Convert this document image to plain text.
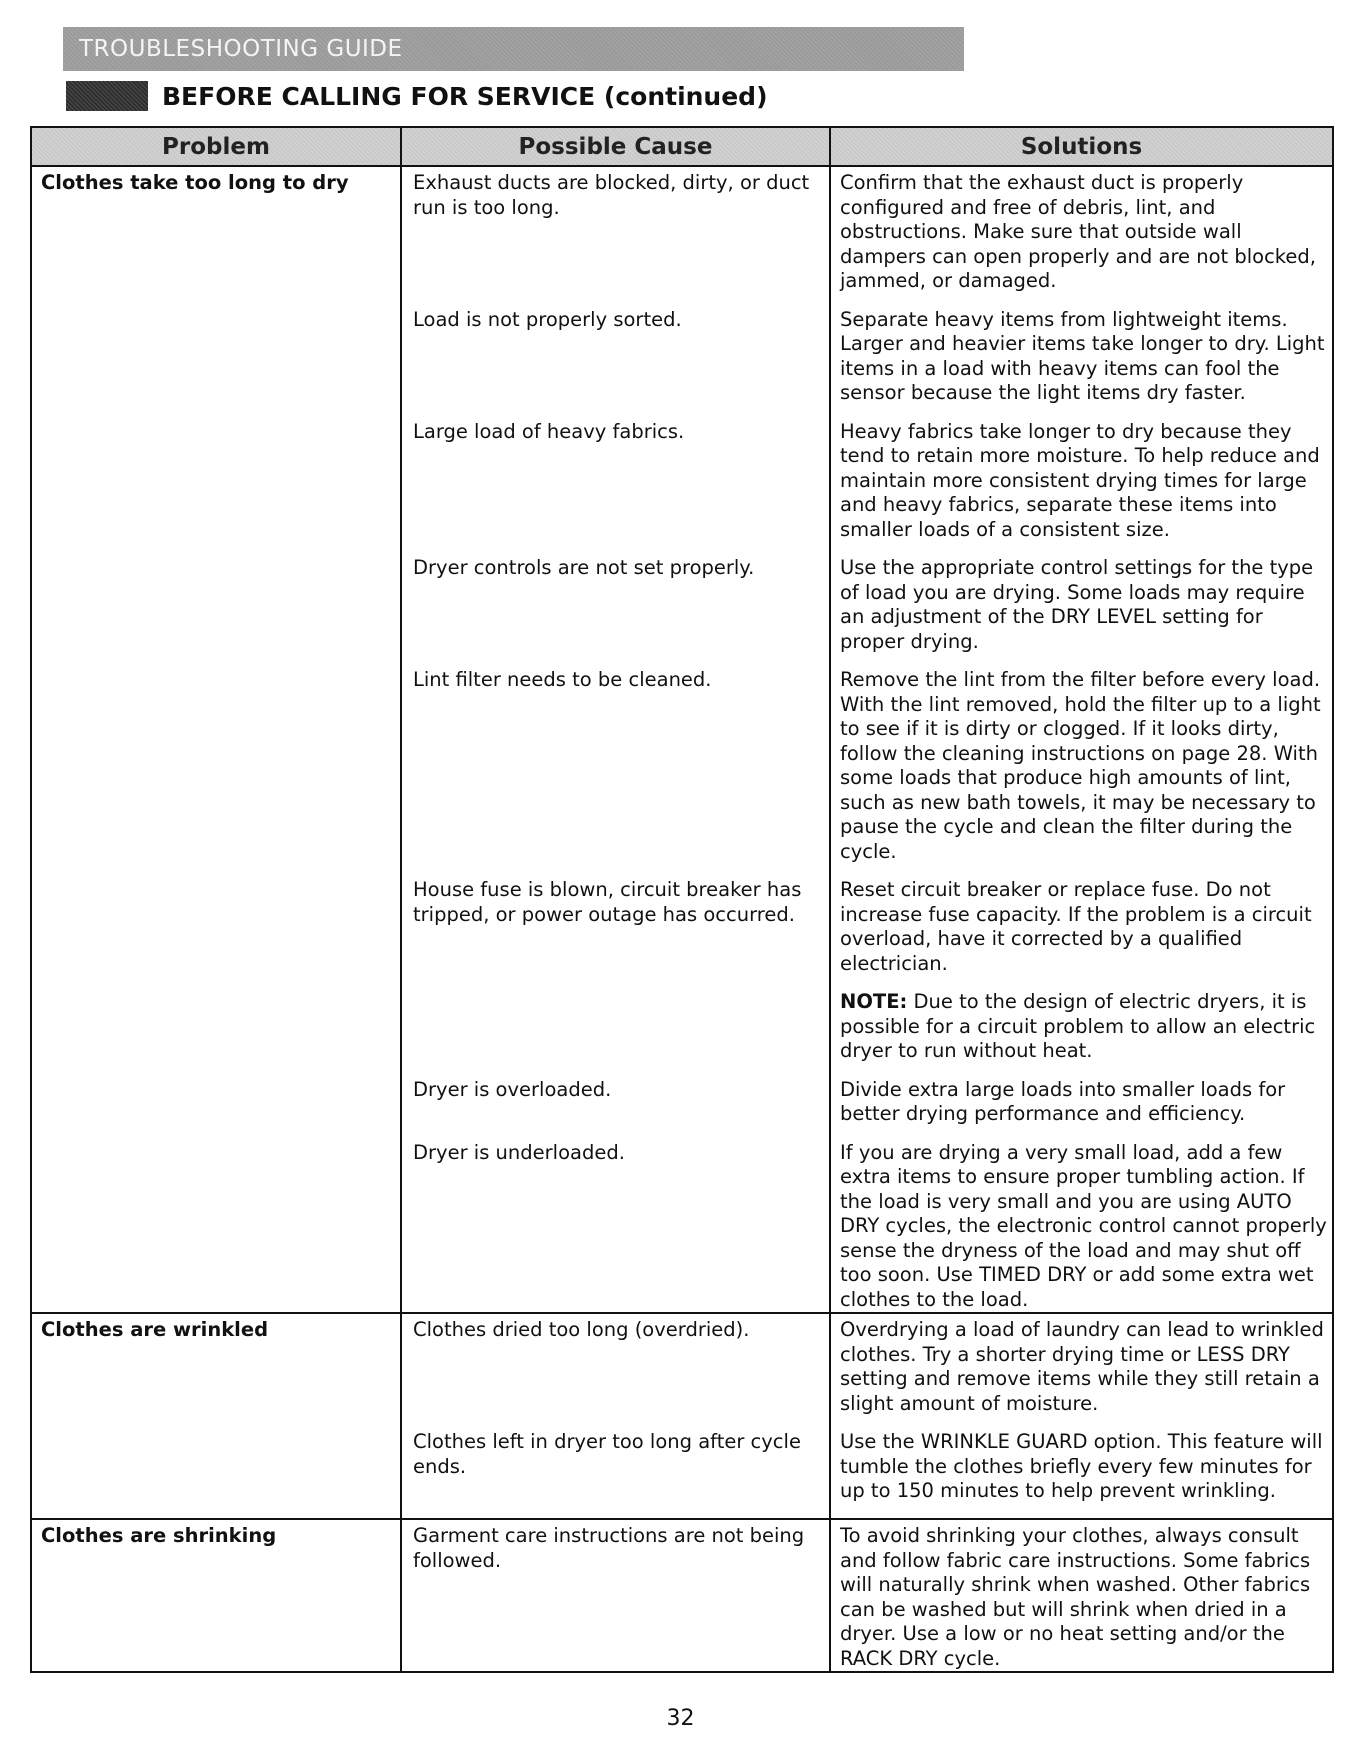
TROUBLESHOOTING GUIDE
BEFORE CALLING FOR SERVICE (continued)
Problem	Possible Cause	Solutions
Clothes take too long to dry	Exhaust ducts are blocked, dirty, or duct run is too long.	Confirm that the exhaust duct is properly configured and free of debris, lint, and obstructions. Make sure that outside wall dampers can open properly and are not blocked, jammed, or damaged.
	Load is not properly sorted.	Separate heavy items from lightweight items. Larger and heavier items take longer to dry. Light items in a load with heavy items can fool the sensor because the light items dry faster.
	Large load of heavy fabrics.	Heavy fabrics take longer to dry because they tend to retain more moisture. To help reduce and maintain more consistent drying times for large and heavy fabrics, separate these items into smaller loads of a consistent size.
	Dryer controls are not set properly.	Use the appropriate control settings for the type of load you are drying. Some loads may require an adjustment of the DRY LEVEL setting for proper drying.
	Lint filter needs to be cleaned.	Remove the lint from the filter before every load. With the lint removed, hold the filter up to a light to see if it is dirty or clogged. If it looks dirty, follow the cleaning instructions on page 28. With some loads that produce high amounts of lint, such as new bath towels, it may be necessary to pause the cycle and clean the filter during the cycle.
	House fuse is blown, circuit breaker has tripped, or power outage has occurred.	Reset circuit breaker or replace fuse. Do not increase fuse capacity. If the problem is a circuit overload, have it corrected by a qualified electrician.
		NOTE: Due to the design of electric dryers, it is possible for a circuit problem to allow an electric dryer to run without heat.
	Dryer is overloaded.	Divide extra large loads into smaller loads for better drying performance and efficiency.
	Dryer is underloaded.	If you are drying a very small load, add a few extra items to ensure proper tumbling action. If the load is very small and you are using AUTO DRY cycles, the electronic control cannot properly sense the dryness of the load and may shut off too soon. Use TIMED DRY or add some extra wet clothes to the load.
Clothes are wrinkled	Clothes dried too long (overdried).	Overdrying a load of laundry can lead to wrinkled clothes. Try a shorter drying time or LESS DRY setting and remove items while they still retain a slight amount of moisture.
	Clothes left in dryer too long after cycle ends.	Use the WRINKLE GUARD option. This feature will tumble the clothes briefly every few minutes for up to 150 minutes to help prevent wrinkling.
Clothes are shrinking	Garment care instructions are not being followed.	To avoid shrinking your clothes, always consult and follow fabric care instructions. Some fabrics will naturally shrink when washed. Other fabrics can be washed but will shrink when dried in a dryer. Use a low or no heat setting and/or the RACK DRY cycle.
32
